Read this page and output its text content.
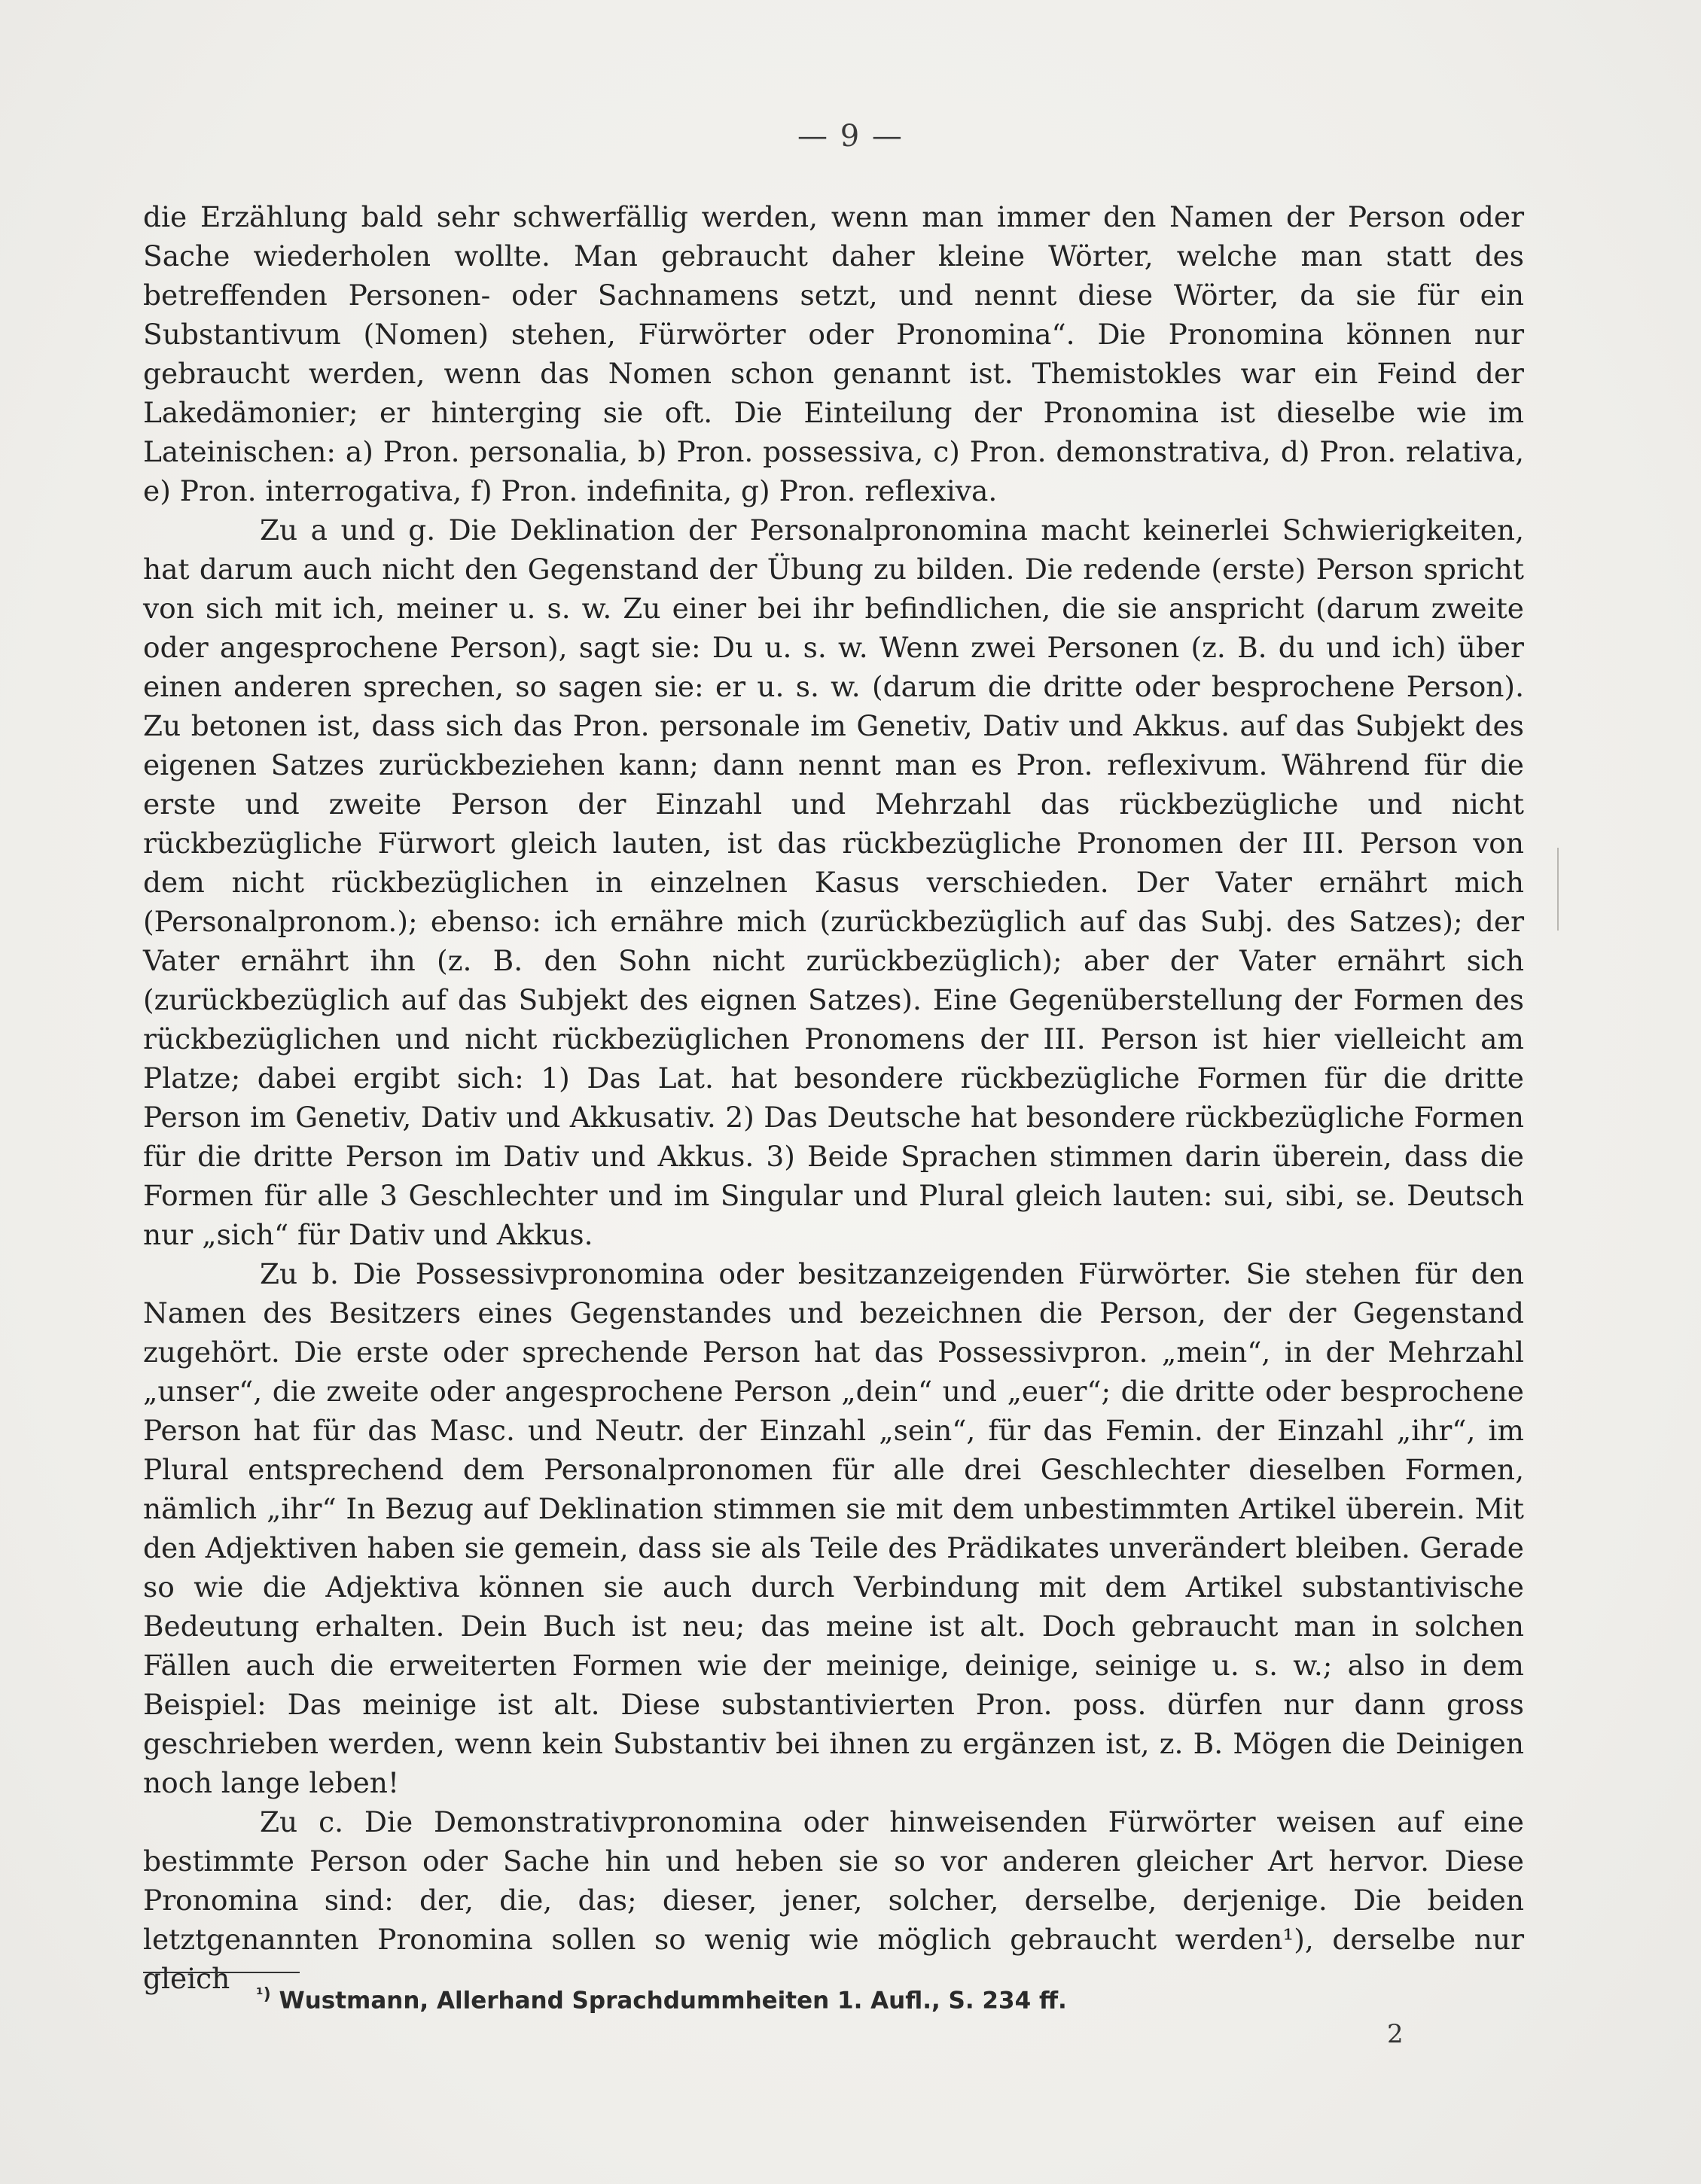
— 9 —

die Erzählung bald sehr schwerfällig werden, wenn man immer den Namen der Person oder Sache wiederholen wollte. Man gebraucht daher kleine Wörter, welche man statt des betreffenden Personen- oder Sachnamens setzt, und nennt diese Wörter, da sie für ein Substantivum (Nomen) stehen, Fürwörter oder Pronomina“. Die Pronomina können nur gebraucht werden, wenn das Nomen schon genannt ist. Themistokles war ein Feind der Lakedämonier; er hinterging sie oft. Die Einteilung der Pronomina ist dieselbe wie im Lateinischen: a) Pron. personalia, b) Pron. possessiva, c) Pron. demonstrativa, d) Pron. relativa, e) Pron. interrogativa, f) Pron. indefinita, g) Pron. reflexiva.

Zu a und g. Die Deklination der Personalpronomina macht keinerlei Schwierigkeiten, hat darum auch nicht den Gegenstand der Übung zu bilden. Die redende (erste) Person spricht von sich mit ich, meiner u. s. w. Zu einer bei ihr befindlichen, die sie anspricht (darum zweite oder angesprochene Person), sagt sie: Du u. s. w. Wenn zwei Personen (z. B. du und ich) über einen anderen sprechen, so sagen sie: er u. s. w. (darum die dritte oder besprochene Person). Zu betonen ist, dass sich das Pron. personale im Genetiv, Dativ und Akkus. auf das Subjekt des eigenen Satzes zurückbeziehen kann; dann nennt man es Pron. reflexivum. Während für die erste und zweite Person der Einzahl und Mehrzahl das rückbezügliche und nicht rückbezügliche Fürwort gleich lauten, ist das rückbezügliche Pronomen der III. Person von dem nicht rückbezüglichen in einzelnen Kasus verschieden. Der Vater ernährt mich (Personalpronom.); ebenso: ich ernähre mich (zurückbezüglich auf das Subj. des Satzes); der Vater ernährt ihn (z. B. den Sohn nicht zurückbezüglich); aber der Vater ernährt sich (zurückbezüglich auf das Subjekt des eignen Satzes). Eine Gegenüberstellung der Formen des rückbezüglichen und nicht rückbezüglichen Pronomens der III. Person ist hier vielleicht am Platze; dabei ergibt sich: 1) Das Lat. hat besondere rückbezügliche Formen für die dritte Person im Genetiv, Dativ und Akkusativ. 2) Das Deutsche hat besondere rückbezügliche Formen für die dritte Person im Dativ und Akkus. 3) Beide Sprachen stimmen darin überein, dass die Formen für alle 3 Geschlechter und im Singular und Plural gleich lauten: sui, sibi, se. Deutsch nur „sich“ für Dativ und Akkus.

Zu b. Die Possessivpronomina oder besitzanzeigenden Fürwörter. Sie stehen für den Namen des Besitzers eines Gegenstandes und bezeichnen die Person, der der Gegenstand zugehört. Die erste oder sprechende Person hat das Possessivpron. „mein“, in der Mehrzahl „unser“, die zweite oder angesprochene Person „dein“ und „euer“; die dritte oder besprochene Person hat für das Masc. und Neutr. der Einzahl „sein“, für das Femin. der Einzahl „ihr“, im Plural entsprechend dem Personalpronomen für alle drei Geschlechter dieselben Formen, nämlich „ihr“ In Bezug auf Deklination stimmen sie mit dem unbestimmten Artikel überein. Mit den Adjektiven haben sie gemein, dass sie als Teile des Prädikates unverändert bleiben. Gerade so wie die Adjektiva können sie auch durch Verbindung mit dem Artikel substantivische Bedeutung erhalten. Dein Buch ist neu; das meine ist alt. Doch gebraucht man in solchen Fällen auch die erweiterten Formen wie der meinige, deinige, seinige u. s. w.; also in dem Beispiel: Das meinige ist alt. Diese substantivierten Pron. poss. dürfen nur dann gross geschrieben werden, wenn kein Substantiv bei ihnen zu ergänzen ist, z. B. Mögen die Deinigen noch lange leben!

Zu c. Die Demonstrativpronomina oder hinweisenden Fürwörter weisen auf eine bestimmte Person oder Sache hin und heben sie so vor anderen gleicher Art hervor. Diese Pronomina sind: der, die, das; dieser, jener, solcher, derselbe, derjenige. Die beiden letztgenannten Pronomina sollen so wenig wie möglich gebraucht werden¹), derselbe nur gleich	$^{^1)}$ Wustmann, Allerhand Sprachdummheiten 1. Aufl., S. 234 ff.
2
